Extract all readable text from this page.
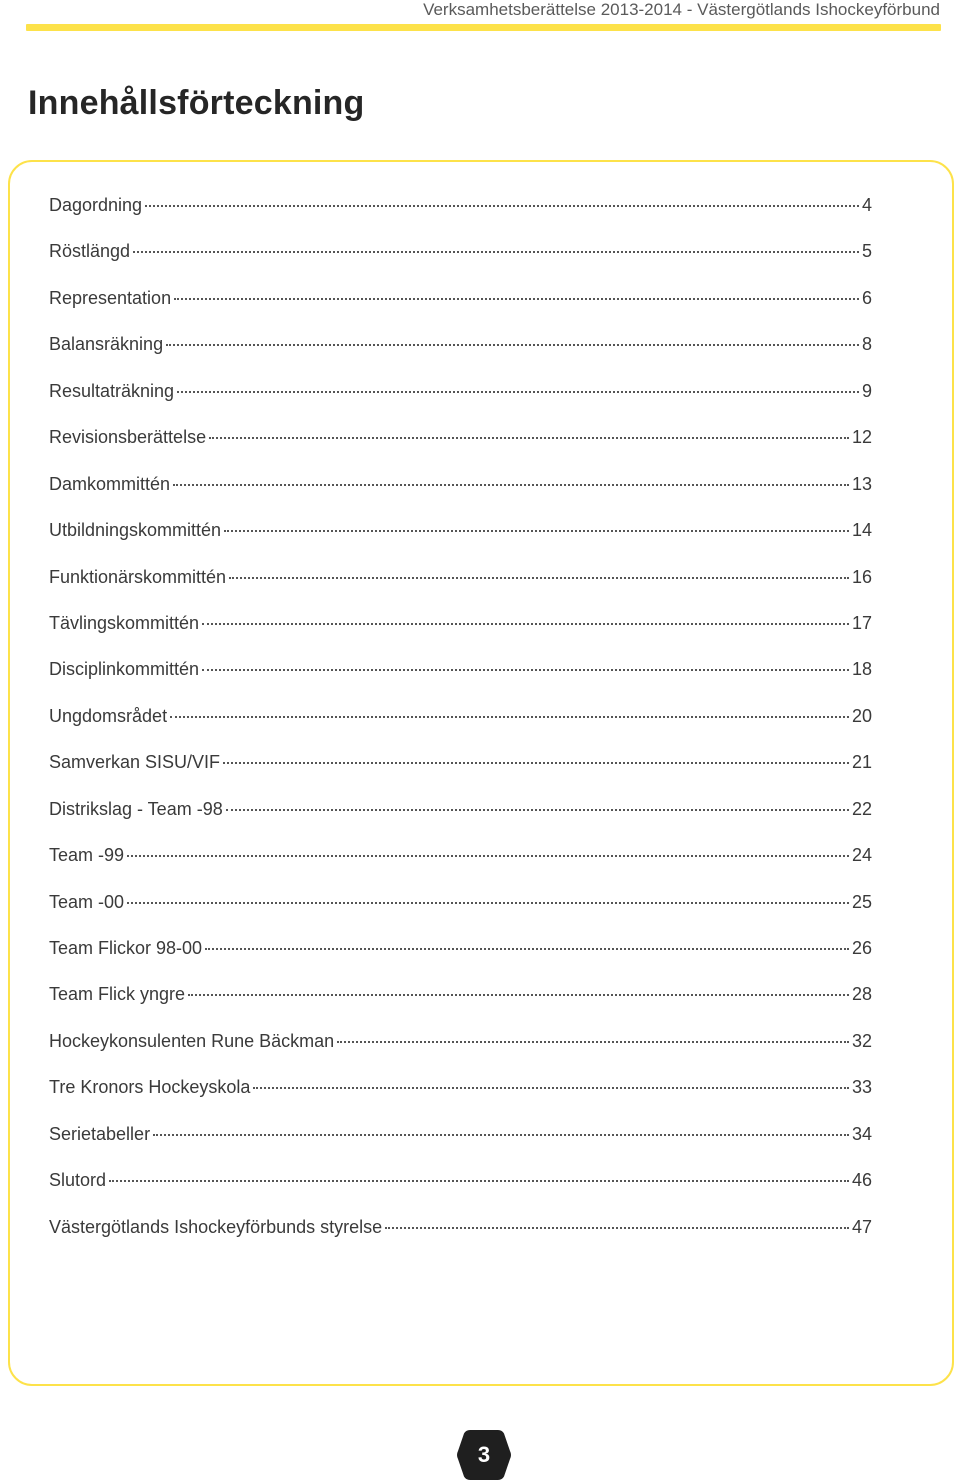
Verksamhetsberättelse 2013-2014 - Västergötlands Ishockeyförbund
Innehållsförteckning
Dagordning	4
Röstlängd	5
Representation	6
Balansräkning	8
Resultaträkning	9
Revisionsberättelse	12
Damkommittén	13
Utbildningskommittén	14
Funktionärskommittén	16
Tävlingskommittén	17
Disciplinkommittén	18
Ungdomsrådet	20
Samverkan SISU/VIF	21
Distrikslag - Team -98	22
Team -99	24
Team -00	25
Team Flickor 98-00	26
Team Flick yngre	28
Hockeykonsulenten Rune Bäckman	32
Tre Kronors Hockeyskola	33
Serietabeller	34
Slutord	46
Västergötlands Ishockeyförbunds styrelse	47
3
